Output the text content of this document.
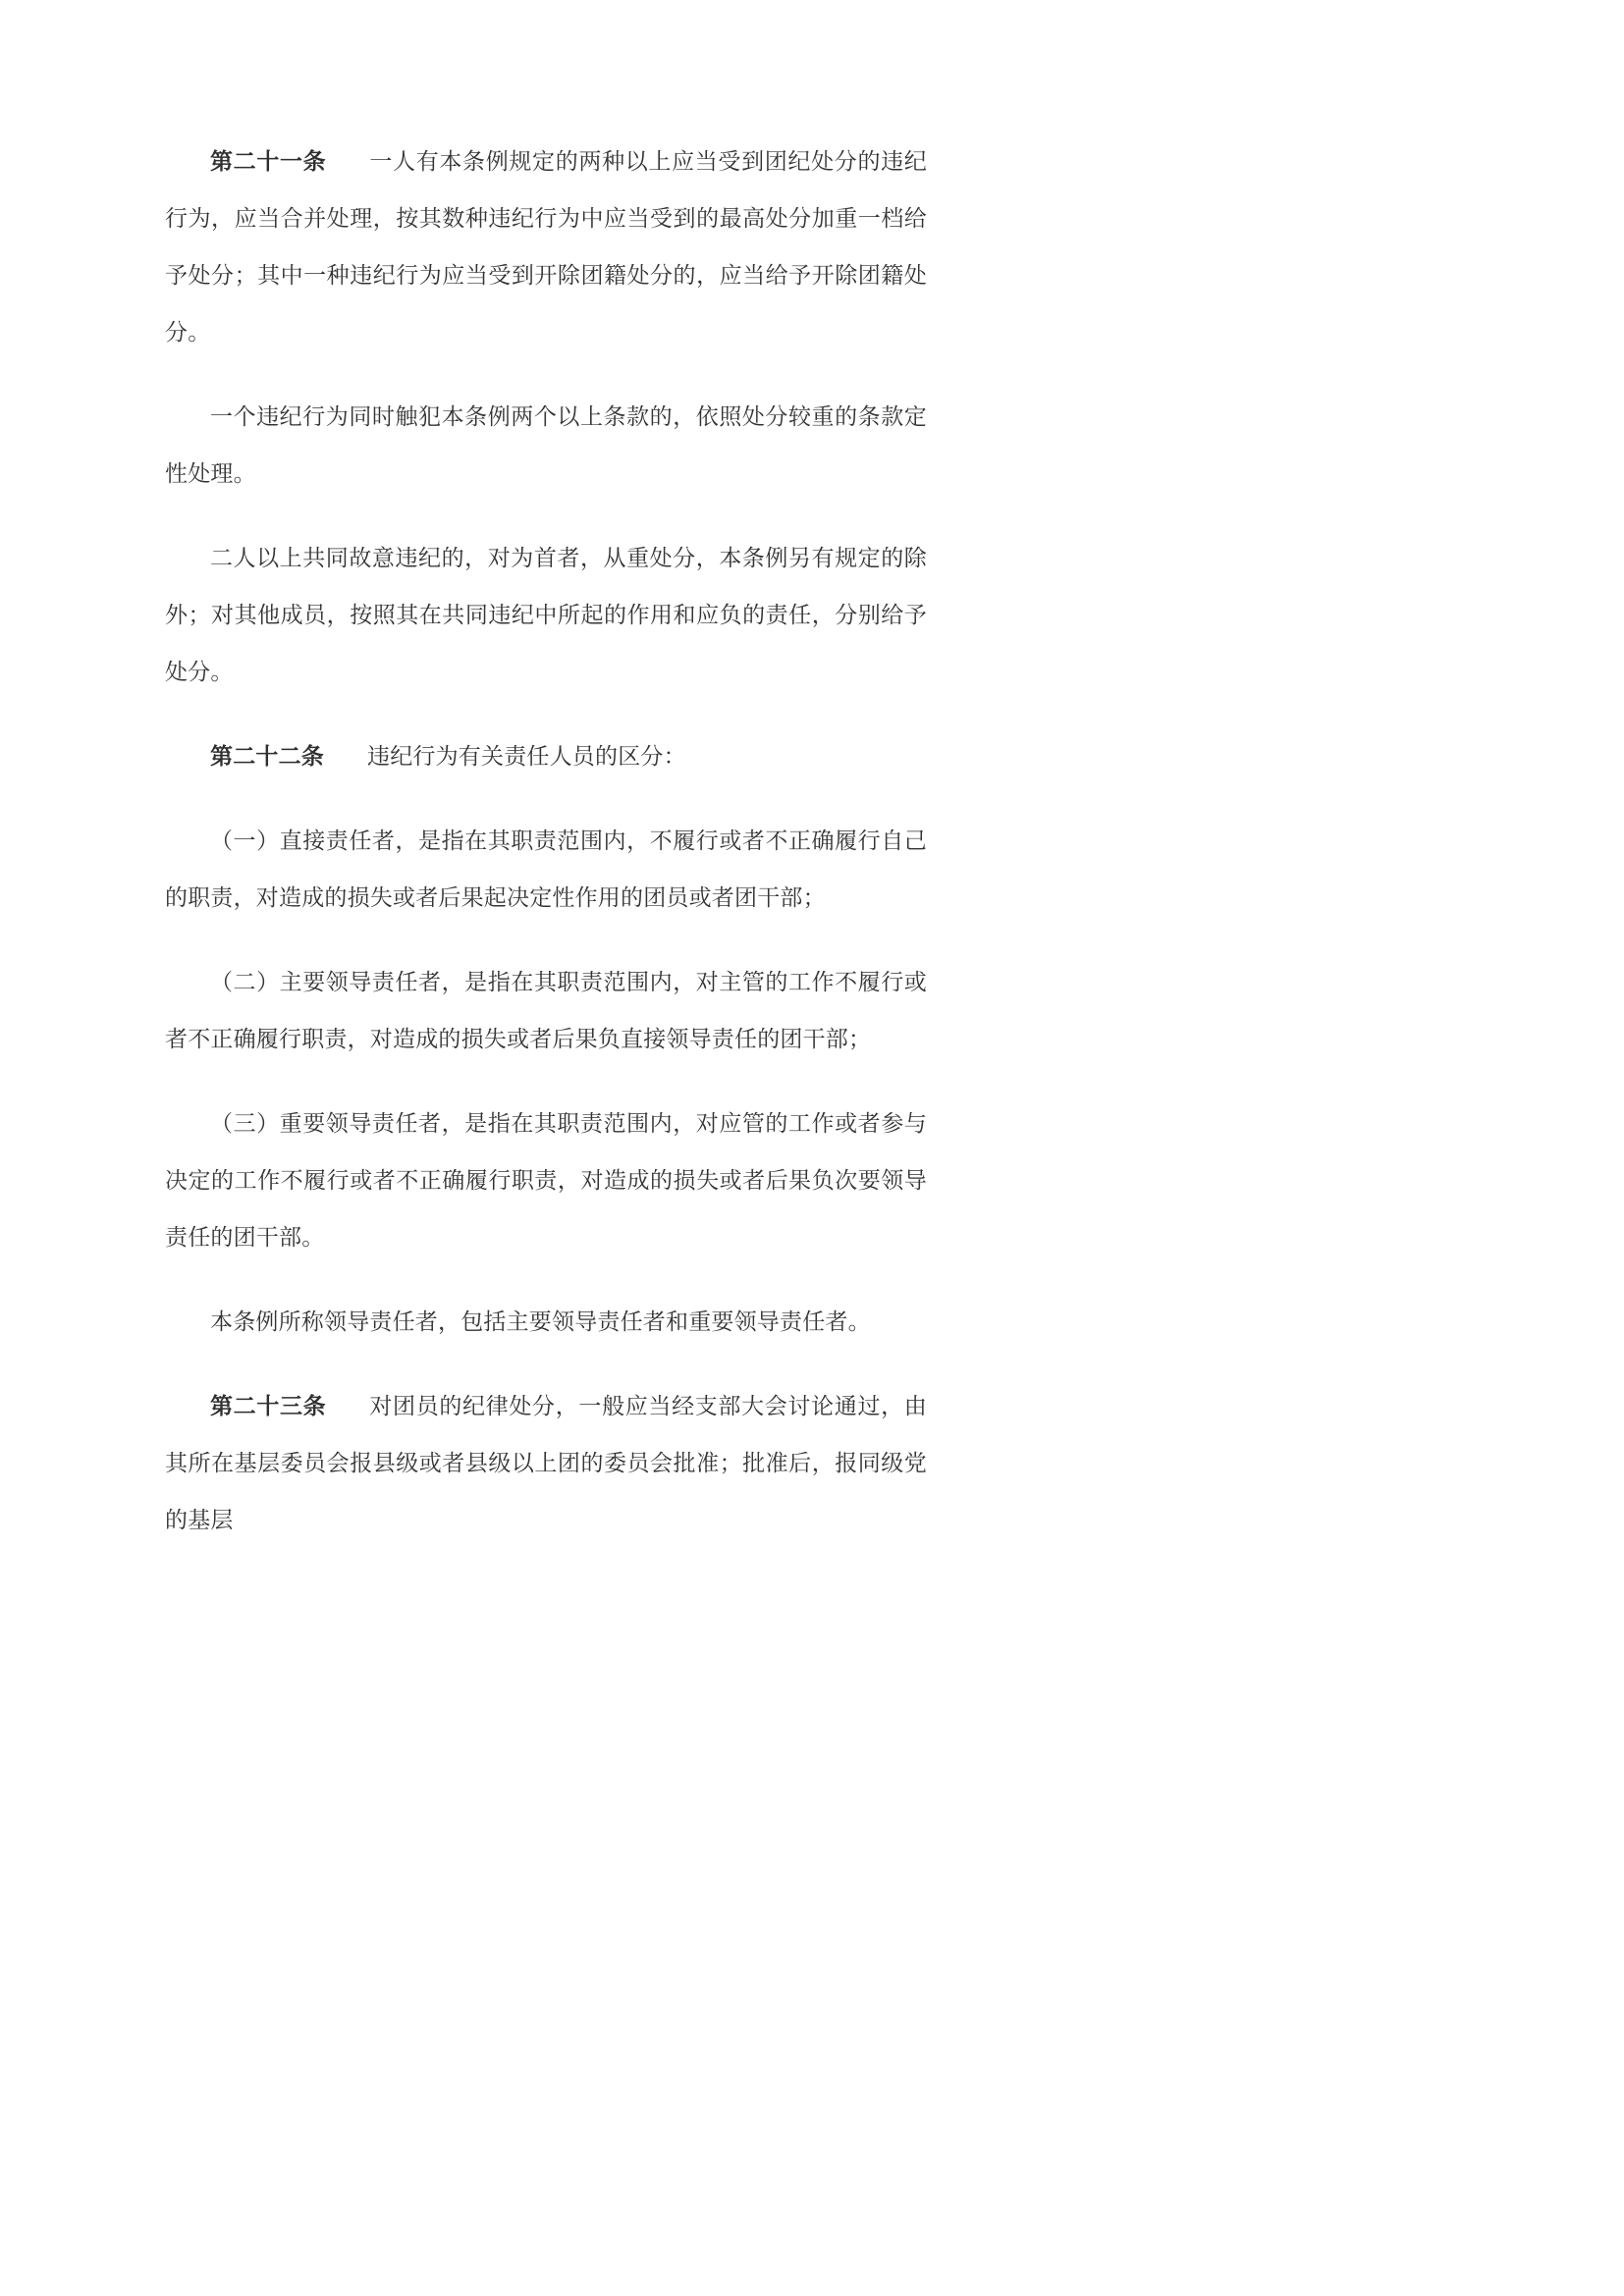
第二十一条 一人有本条例规定的两种以上应当受到团纪处分的违纪行为，应当合并处理，按其数种违纪行为中应当受到的最高处分加重一档给予处分；其中一种违纪行为应当受到开除团籍处分的，应当给予开除团籍处分。

一个违纪行为同时触犯本条例两个以上条款的，依照处分较重的条款定性处理。

二人以上共同故意违纪的，对为首者，从重处分，本条例另有规定的除外；对其他成员，按照其在共同违纪中所起的作用和应负的责任，分别给予处分。

第二十二条 违纪行为有关责任人员的区分：

（一）直接责任者，是指在其职责范围内，不履行或者不正确履行自己的职责，对造成的损失或者后果起决定性作用的团员或者团干部；

（二）主要领导责任者，是指在其职责范围内，对主管的工作不履行或者不正确履行职责，对造成的损失或者后果负直接领导责任的团干部；

（三）重要领导责任者，是指在其职责范围内，对应管的工作或者参与决定的工作不履行或者不正确履行职责，对造成的损失或者后果负次要领导责任的团干部。

本条例所称领导责任者，包括主要领导责任者和重要领导责任者。

第二十三条 对团员的纪律处分，一般应当经支部大会讨论通过，由其所在基层委员会报县级或者县级以上团的委员会批准；批准后，报同级党的基层
